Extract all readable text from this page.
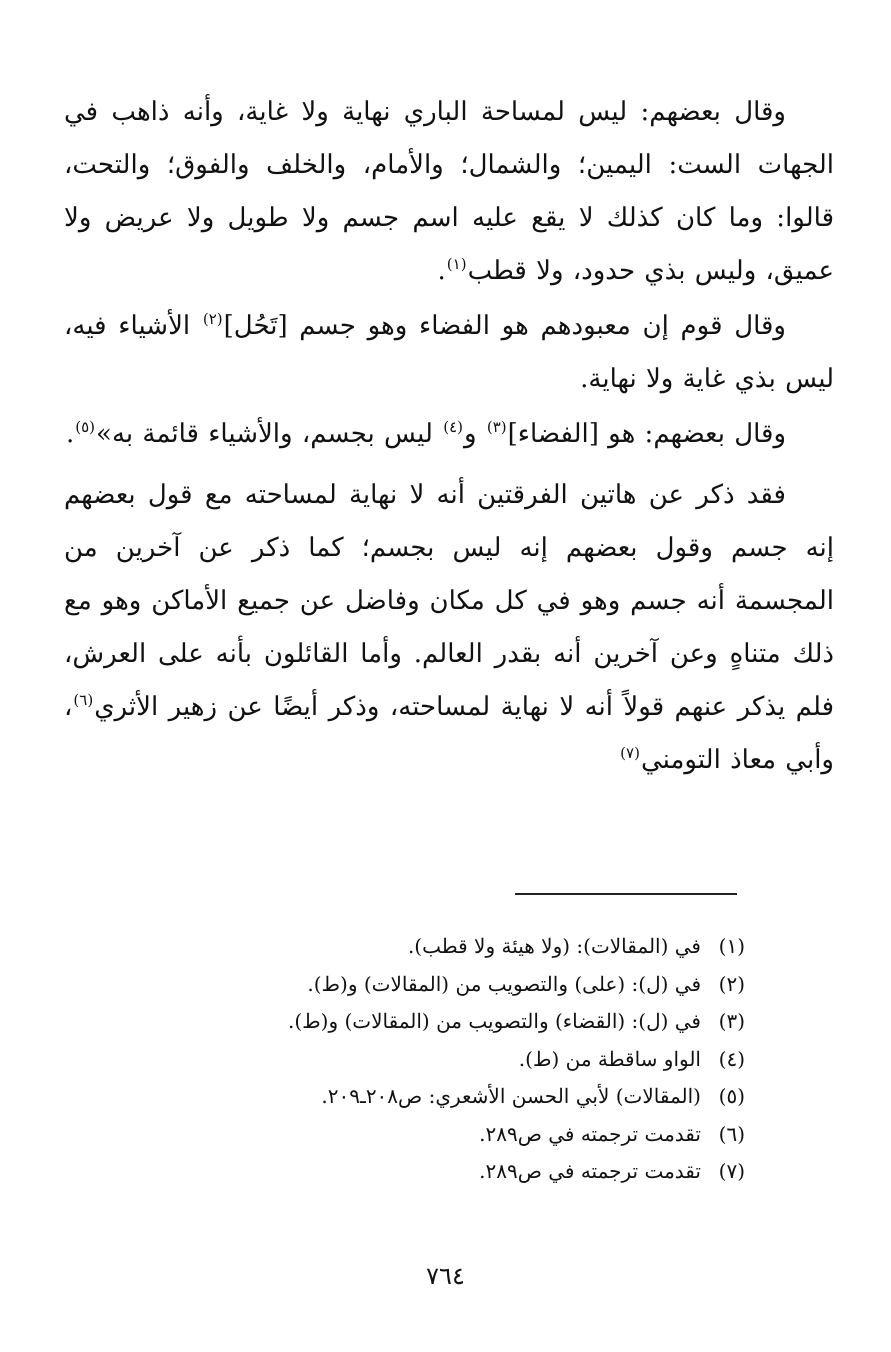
وقال بعضهم: ليس لمساحة الباري نهاية ولا غاية، وأنه ذاهب في الجهات الست: اليمين؛ والشمال؛ والأمام، والخلف والفوق؛ والتحت، قالوا: وما كان كذلك لا يقع عليه اسم جسم ولا طويل ولا عريض ولا عميق، وليس بذي حدود، ولا قطب$^{(١)}$.

وقال قوم إن معبودهم هو الفضاء وهو جسم [تَحُل]$^{(٢)}$ الأشياء فيه، ليس بذي غاية ولا نهاية.

وقال بعضهم: هو [الفضاء]$^{(٣)}$ و$^{(٤)}$ ليس بجسم، والأشياء قائمة به»$^{(٥)}$.

فقد ذكر عن هاتين الفرقتين أنه لا نهاية لمساحته مع قول بعضهم إنه جسم وقول بعضهم إنه ليس بجسم؛ كما ذكر عن آخرين من المجسمة أنه جسم وهو في كل مكان وفاضل عن جميع الأماكن وهو مع ذلك متناهٍ وعن آخرين أنه بقدر العالم. وأما القائلون بأنه على العرش، فلم يذكر عنهم قولاً أنه لا نهاية لمساحته، وذكر أيضًا عن زهير الأثري$^{(٦)}$، وأبي معاذ التومني$^{(٧)}$

(١)
في (المقالات): (ولا هيئة ولا قطب).
(٢)
في (ل): (على) والتصويب من (المقالات) و(ط).
(٣)
في (ل): (القضاء) والتصويب من (المقالات) و(ط).
(٤)
الواو ساقطة من (ط).
(٥)
(المقالات) لأبي الحسن الأشعري: ص٢٠٨ـ٢٠٩.
(٦)
تقدمت ترجمته في ص٢٨٩.
(٧)
تقدمت ترجمته في ص٢٨٩.
٧٦٤
